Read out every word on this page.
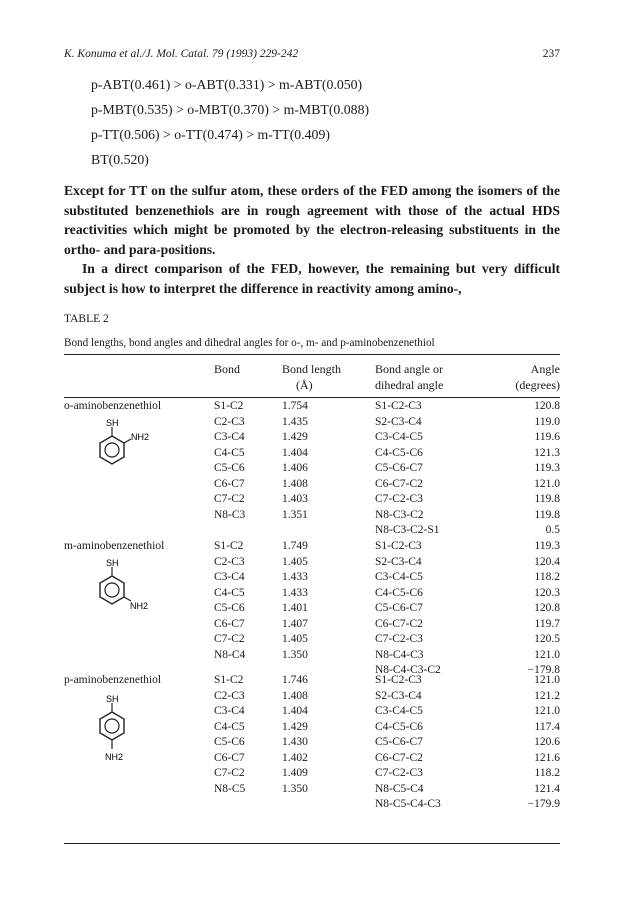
K. Konuma et al./J. Mol. Catal. 79 (1993) 229-242	237
p-ABT(0.461) > o-ABT(0.331) > m-ABT(0.050)
p-MBT(0.535) > o-MBT(0.370) > m-MBT(0.088)
p-TT(0.506) > o-TT(0.474) > m-TT(0.409)
BT(0.520)
Except for TT on the sulfur atom, these orders of the FED among the isomers of the substituted benzenethiols are in rough agreement with those of the actual HDS reactivities which might be promoted by the electron-releasing substituents in the ortho- and para-positions.
In a direct comparison of the FED, however, the remaining but very difficult subject is how to interpret the difference in reactivity among amino-,
TABLE 2
Bond lengths, bond angles and dihedral angles for o-, m- and p-aminobenzenethiol
Bond	Bond length
(Å)
Bond angle or
dihedral angle
Angle
(degrees)
o-aminobenzenethiol	S1-C2	1.754	S1-C2-C3	120.8
C2-C3	1.435	S2-C3-C4	119.0
C3-C4	1.429	C3-C4-C5	119.6
C4-C5	1.404	C4-C5-C6	121.3
C5-C6	1.406	C5-C6-C7	119.3
C6-C7	1.408	C6-C7-C2	121.0
C7-C2	1.403	C7-C2-C3	119.8
N8-C3	1.351	N8-C3-C2	119.8
N8-C3-C2-S1	0.5
m-aminobenzenethiol	S1-C2	1.749	S1-C2-C3	119.3
C2-C3	1.405	S2-C3-C4	120.4
C3-C4	1.433	C3-C4-C5	118.2
C4-C5	1.433	C4-C5-C6	120.3
C5-C6	1.401	C5-C6-C7	120.8
C6-C7	1.407	C6-C7-C2	119.7
C7-C2	1.405	C7-C2-C3	120.5
N8-C4	1.350	N8-C4-C3	121.0
N8-C4-C3-C2	−179.8
p-aminobenzenethiol	S1-C2	1.746	S1-C2-C3	121.0
C2-C3	1.408	S2-C3-C4	121.2
C3-C4	1.404	C3-C4-C5	121.0
C4-C5	1.429	C4-C5-C6	117.4
C5-C6	1.430	C5-C6-C7	120.6
C6-C7	1.402	C6-C7-C2	121.6
C7-C2	1.409	C7-C2-C3	118.2
N8-C5	1.350	N8-C5-C4	121.4
N8-C5-C4-C3	−179.9
SH
NH2
SH
NH2
SH
NH2
